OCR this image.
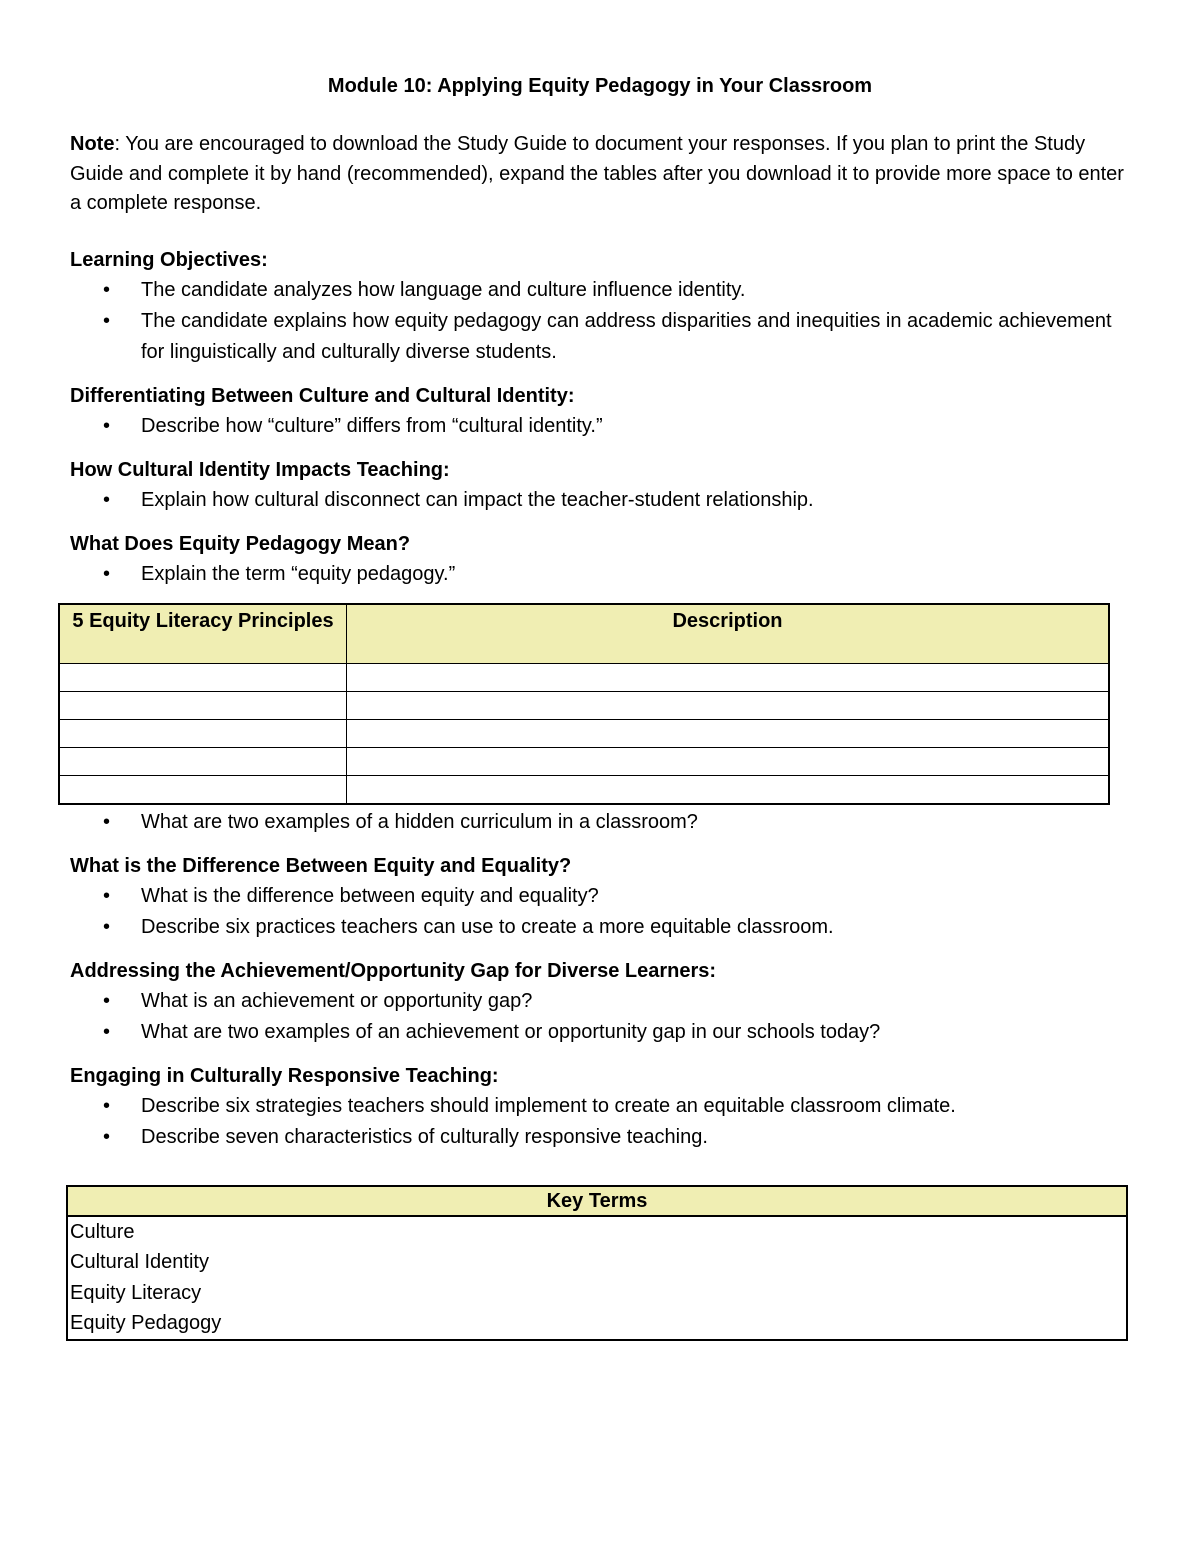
Module 10: Applying Equity Pedagogy in Your Classroom
Note: You are encouraged to download the Study Guide to document your responses. If you plan to print the Study Guide and complete it by hand (recommended), expand the tables after you download it to provide more space to enter a complete response.
Learning Objectives:
• The candidate analyzes how language and culture influence identity.
• The candidate explains how equity pedagogy can address disparities and inequities in academic achievement for linguistically and culturally diverse students.
Differentiating Between Culture and Cultural Identity:
• Describe how “culture” differs from “cultural identity.”
How Cultural Identity Impacts Teaching:
• Explain how cultural disconnect can impact the teacher-student relationship.
What Does Equity Pedagogy Mean?
• Explain the term “equity pedagogy.”
5 Equity Literacy Principles	Description

• What are two examples of a hidden curriculum in a classroom?
What is the Difference Between Equity and Equality?
• What is the difference between equity and equality?
• Describe six practices teachers can use to create a more equitable classroom.
Addressing the Achievement/Opportunity Gap for Diverse Learners:
• What is an achievement or opportunity gap?
• What are two examples of an achievement or opportunity gap in our schools today?
Engaging in Culturally Responsive Teaching:
• Describe six strategies teachers should implement to create an equitable classroom climate.
• Describe seven characteristics of culturally responsive teaching.
Key Terms
Culture
Cultural Identity
Equity Literacy
Equity Pedagogy
